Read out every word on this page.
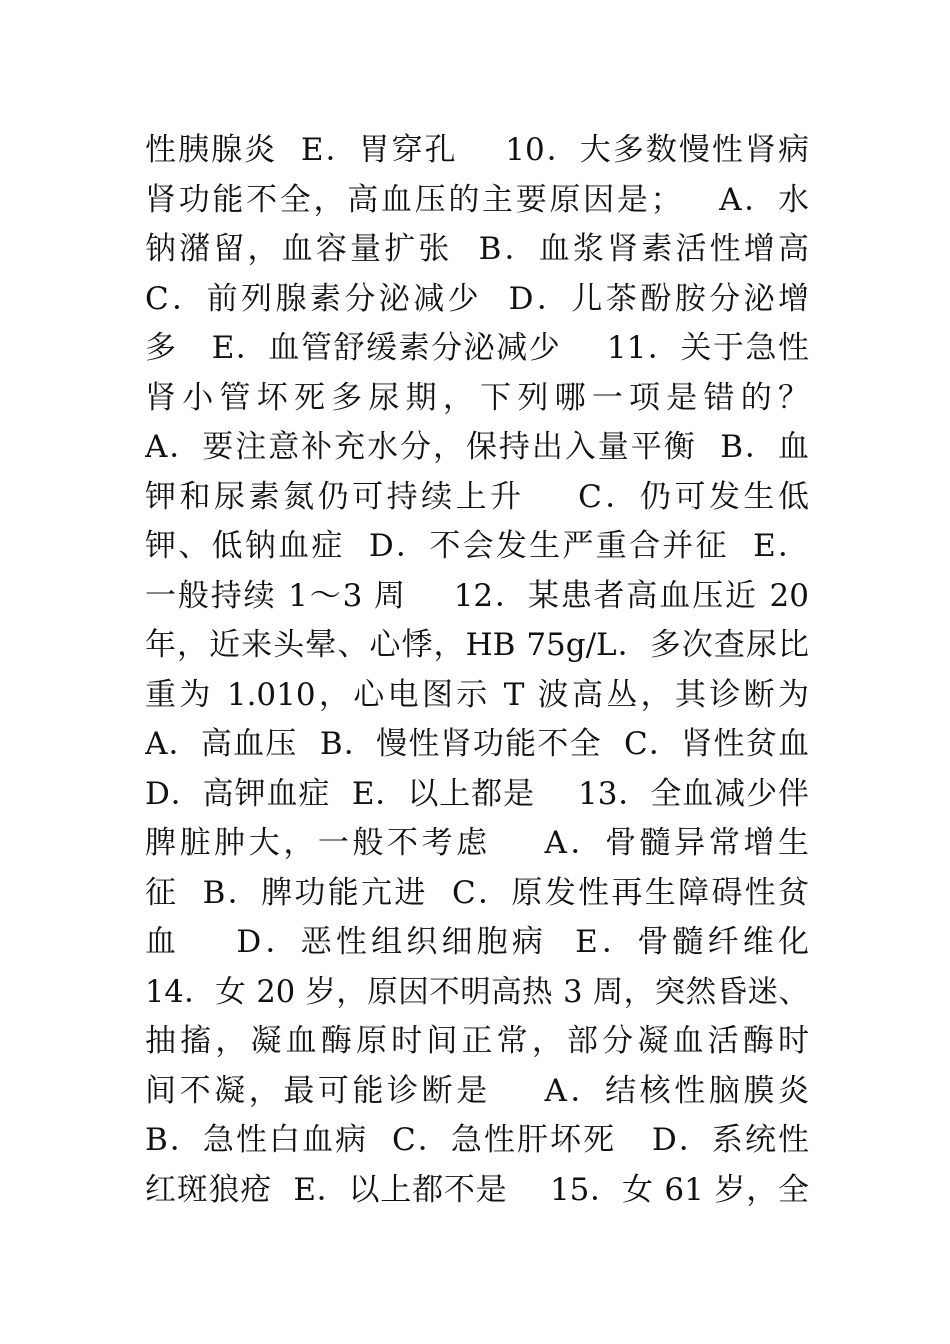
性胰腺炎  E．胃穿孔    10．大多数慢性肾病
肾功能不全，高血压的主要原因是；   A．水
钠潴留，血容量扩张  B．血浆肾素活性增高
C．前列腺素分泌减少  D．儿茶酚胺分泌增
多   E．血管舒缓素分泌减少    11．关于急性
肾小管坏死多尿期，下列哪一项是错的？
A．要注意补充水分，保持出入量平衡  B．血
钾和尿素氮仍可持续上升    C．仍可发生低
钾、低钠血症  D．不会发生严重合并征  E．
一般持续 1～3 周    12．某患者高血压近 20
年，近来头晕、心悸，HB 75g/L．多次查尿比
重为 1.010，心电图示 T 波高丛，其诊断为
A．高血压  B．慢性肾功能不全  C．肾性贫血
D．高钾血症  E．以上都是    13．全血减少伴
脾脏肿大，一般不考虑    A．骨髓异常增生
征  B．脾功能亢进  C．原发性再生障碍性贫
血    D．恶性组织细胞病  E．骨髓纤维化
14．女 20 岁，原因不明高热 3 周，突然昏迷、
抽搐，凝血酶原时间正常，部分凝血活酶时
间不凝，最可能诊断是    A．结核性脑膜炎
B．急性白血病  C．急性肝坏死   D．系统性
红斑狼疮  E．以上都不是    15．女 61 岁，全
